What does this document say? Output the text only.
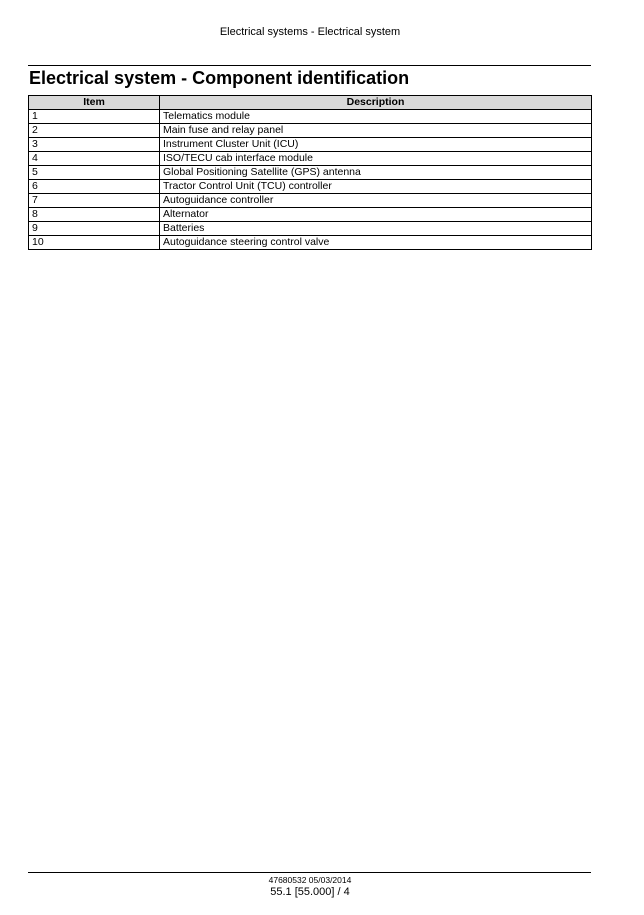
Electrical systems - Electrical system
Electrical system - Component identification
Item	Description
1	Telematics module
2	Main fuse and relay panel
3	Instrument Cluster Unit (ICU)
4	ISO/TECU cab interface module
5	Global Positioning Satellite (GPS) antenna
6	Tractor Control Unit (TCU) controller
7	Autoguidance controller
8	Alternator
9	Batteries
10	Autoguidance steering control valve
47680532 05/03/2014
55.1 [55.000] / 4
